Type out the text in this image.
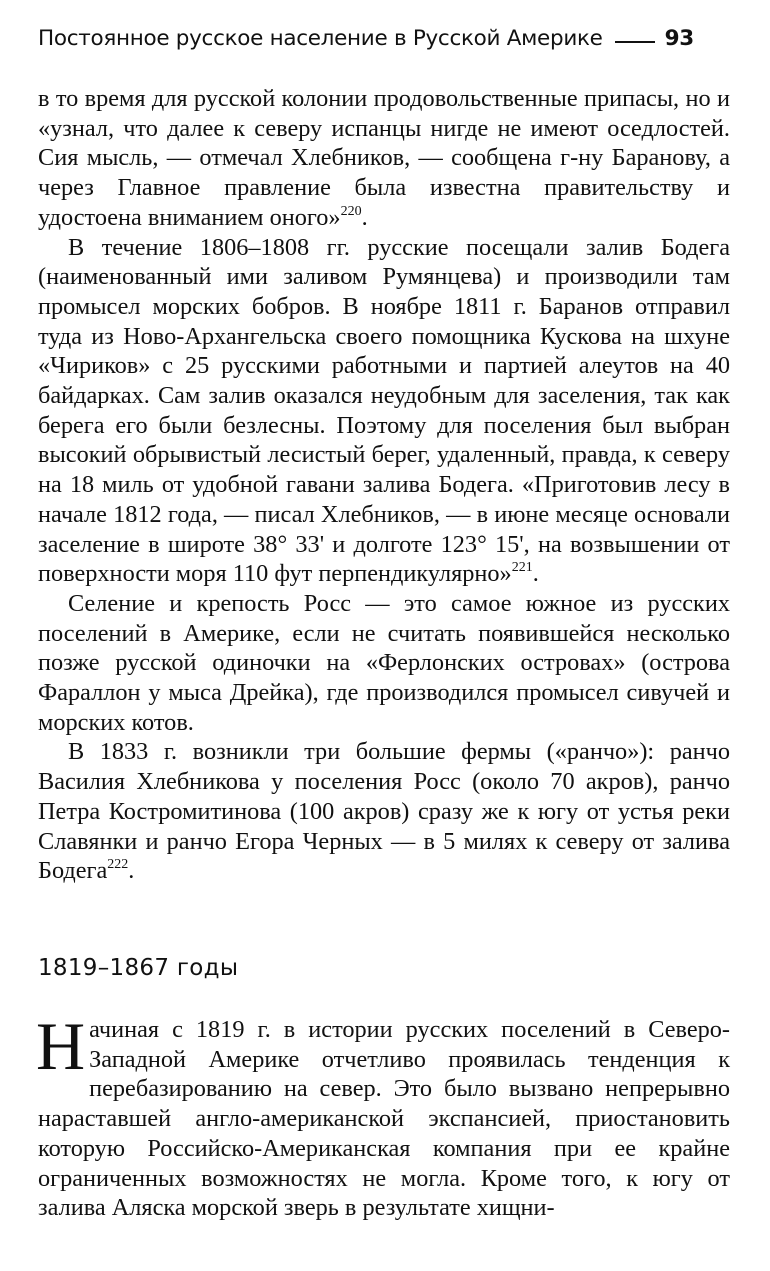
Постоянное русское население в Русской Америке	93

в то время для русской колонии продовольственные припасы, но и «узнал, что далее к северу испанцы нигде не имеют оседлостей. Сия мысль, — отмечал Хлебников, — сообщена г-ну Баранову, а через Главное правление была известна правительству и удостоена вниманием оного»$^{220}$.

В течение 1806–1808 гг. русские посещали залив Бодега (наименованный ими заливом Румянцева) и производили там промысел морских бобров. В ноябре 1811 г. Баранов отправил туда из Ново-Архангельска своего помощника Кускова на шхуне «Чириков» с 25 русскими работными и партией алеутов на 40 байдарках. Сам залив оказался неудобным для заселения, так как берега его были безлесны. Поэтому для поселения был выбран высокий обрывистый лесистый берег, удаленный, правда, к северу на 18 миль от удобной гавани залива Бодега. «Приготовив лесу в начале 1812 года, — писал Хлебников, — в июне месяце основали заселение в широте 38° 33' и долготе 123° 15', на возвышении от поверхности моря 110 фут перпендикулярно»$^{221}$.

Селение и крепость Росс — это самое южное из русских поселений в Америке, если не считать появившейся несколько позже русской одиночки на «Ферлонских островах» (острова Фараллон у мыса Дрейка), где производился промысел сивучей и морских котов.

В 1833 г. возникли три большие фермы («ранчо»): ранчо Василия Хлебникова у поселения Росс (около 70 акров), ранчо Петра Костромитинова (100 акров) сразу же к югу от устья реки Славянки и ранчо Егора Черных — в 5 милях к северу от залива Бодега$^{222}$.

1819–1867 годы

Начиная с 1819 г. в истории русских поселений в Северо-Западной Америке отчетливо проявилась тенденция к перебазированию на север. Это было вызвано непрерывно нараставшей англо-американской экспансией, приостановить которую Российско-Американская компания при ее крайне ограниченных возможностях не могла. Кроме того, к югу от залива Аляска морской зверь в результате хищни-
